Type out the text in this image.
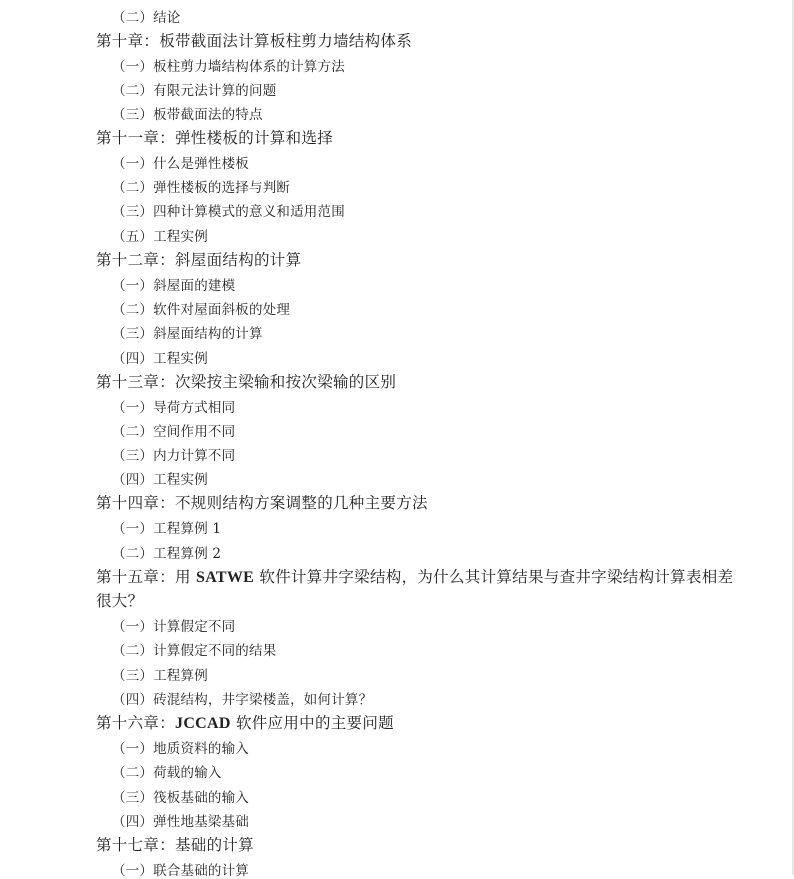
（二）结论
第十章：板带截面法计算板柱剪力墙结构体系
（一）板柱剪力墙结构体系的计算方法
（二）有限元法计算的问题
（三）板带截面法的特点
第十一章：弹性楼板的计算和选择
（一）什么是弹性楼板
（二）弹性楼板的选择与判断
（三）四种计算模式的意义和适用范围
（五）工程实例
第十二章：斜屋面结构的计算
（一）斜屋面的建模
（二）软件对屋面斜板的处理
（三）斜屋面结构的计算
（四）工程实例
第十三章：次梁按主梁输和按次梁输的区别
（一）导荷方式相同
（二）空间作用不同
（三）内力计算不同
（四）工程实例
第十四章：不规则结构方案调整的几种主要方法
（一）工程算例 1
（二）工程算例 2
第十五章：用 SATWE 软件计算井字梁结构，为什么其计算结果与查井字梁结构计算表相差
很大？
（一）计算假定不同
（二）计算假定不同的结果
（三）工程算例
（四）砖混结构，井字梁楼盖，如何计算？
第十六章：JCCAD 软件应用中的主要问题
（一）地质资料的输入
（二）荷载的输入
（三）筏板基础的输入
（四）弹性地基梁基础
第十七章：基础的计算
（一）联合基础的计算
